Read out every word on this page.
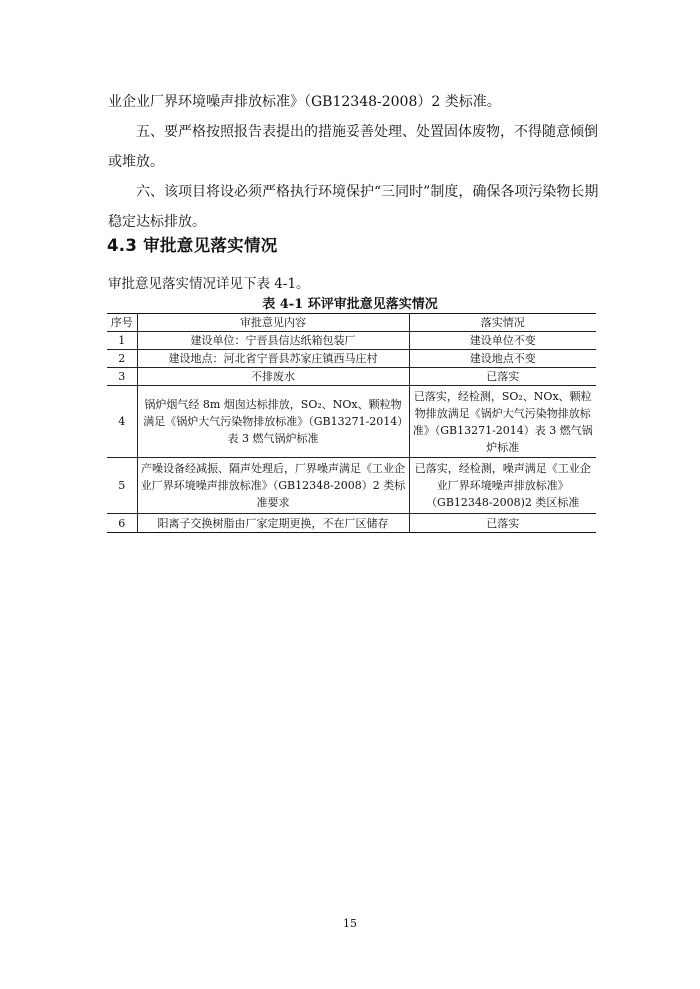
业企业厂界环境噪声排放标准》（GB12348-2008）2 类标准。

五、要严格按照报告表提出的措施妥善处理、处置固体废物，不得随意倾倒或堆放。

六、该项目将设必须严格执行环境保护“三同时”制度，确保各项污染物长期稳定达标排放。

4.3 审批意见落实情况

审批意见落实情况详见下表 4-1。

表 4-1 环评审批意见落实情况

序号	审批意见内容	落实情况
1	建设单位：宁晋县信达纸箱包装厂	建设单位不变
2	建设地点：河北省宁晋县苏家庄镇西马庄村	建设地点不变
3	不排废水	已落实
4	锅炉烟气经 8m 烟囱达标排放，SO₂、NOx、颗粒物满足《锅炉大气污染物排放标准》（GB13271-2014）表 3 燃气锅炉标准	已落实，经检测，SO₂、NOx、颗粒物排放满足《锅炉大气污染物排放标准》（GB13271-2014）表 3 燃气锅炉标准
5	产噪设备经减振、隔声处理后，厂界噪声满足《工业企业厂界环境噪声排放标准》（GB12348-2008）2 类标准要求	已落实，经检测，噪声满足《工业企业厂界环境噪声排放标准》（GB12348-2008)2 类区标准
6	阳离子交换树脂由厂家定期更换，不在厂区储存	已落实

15
